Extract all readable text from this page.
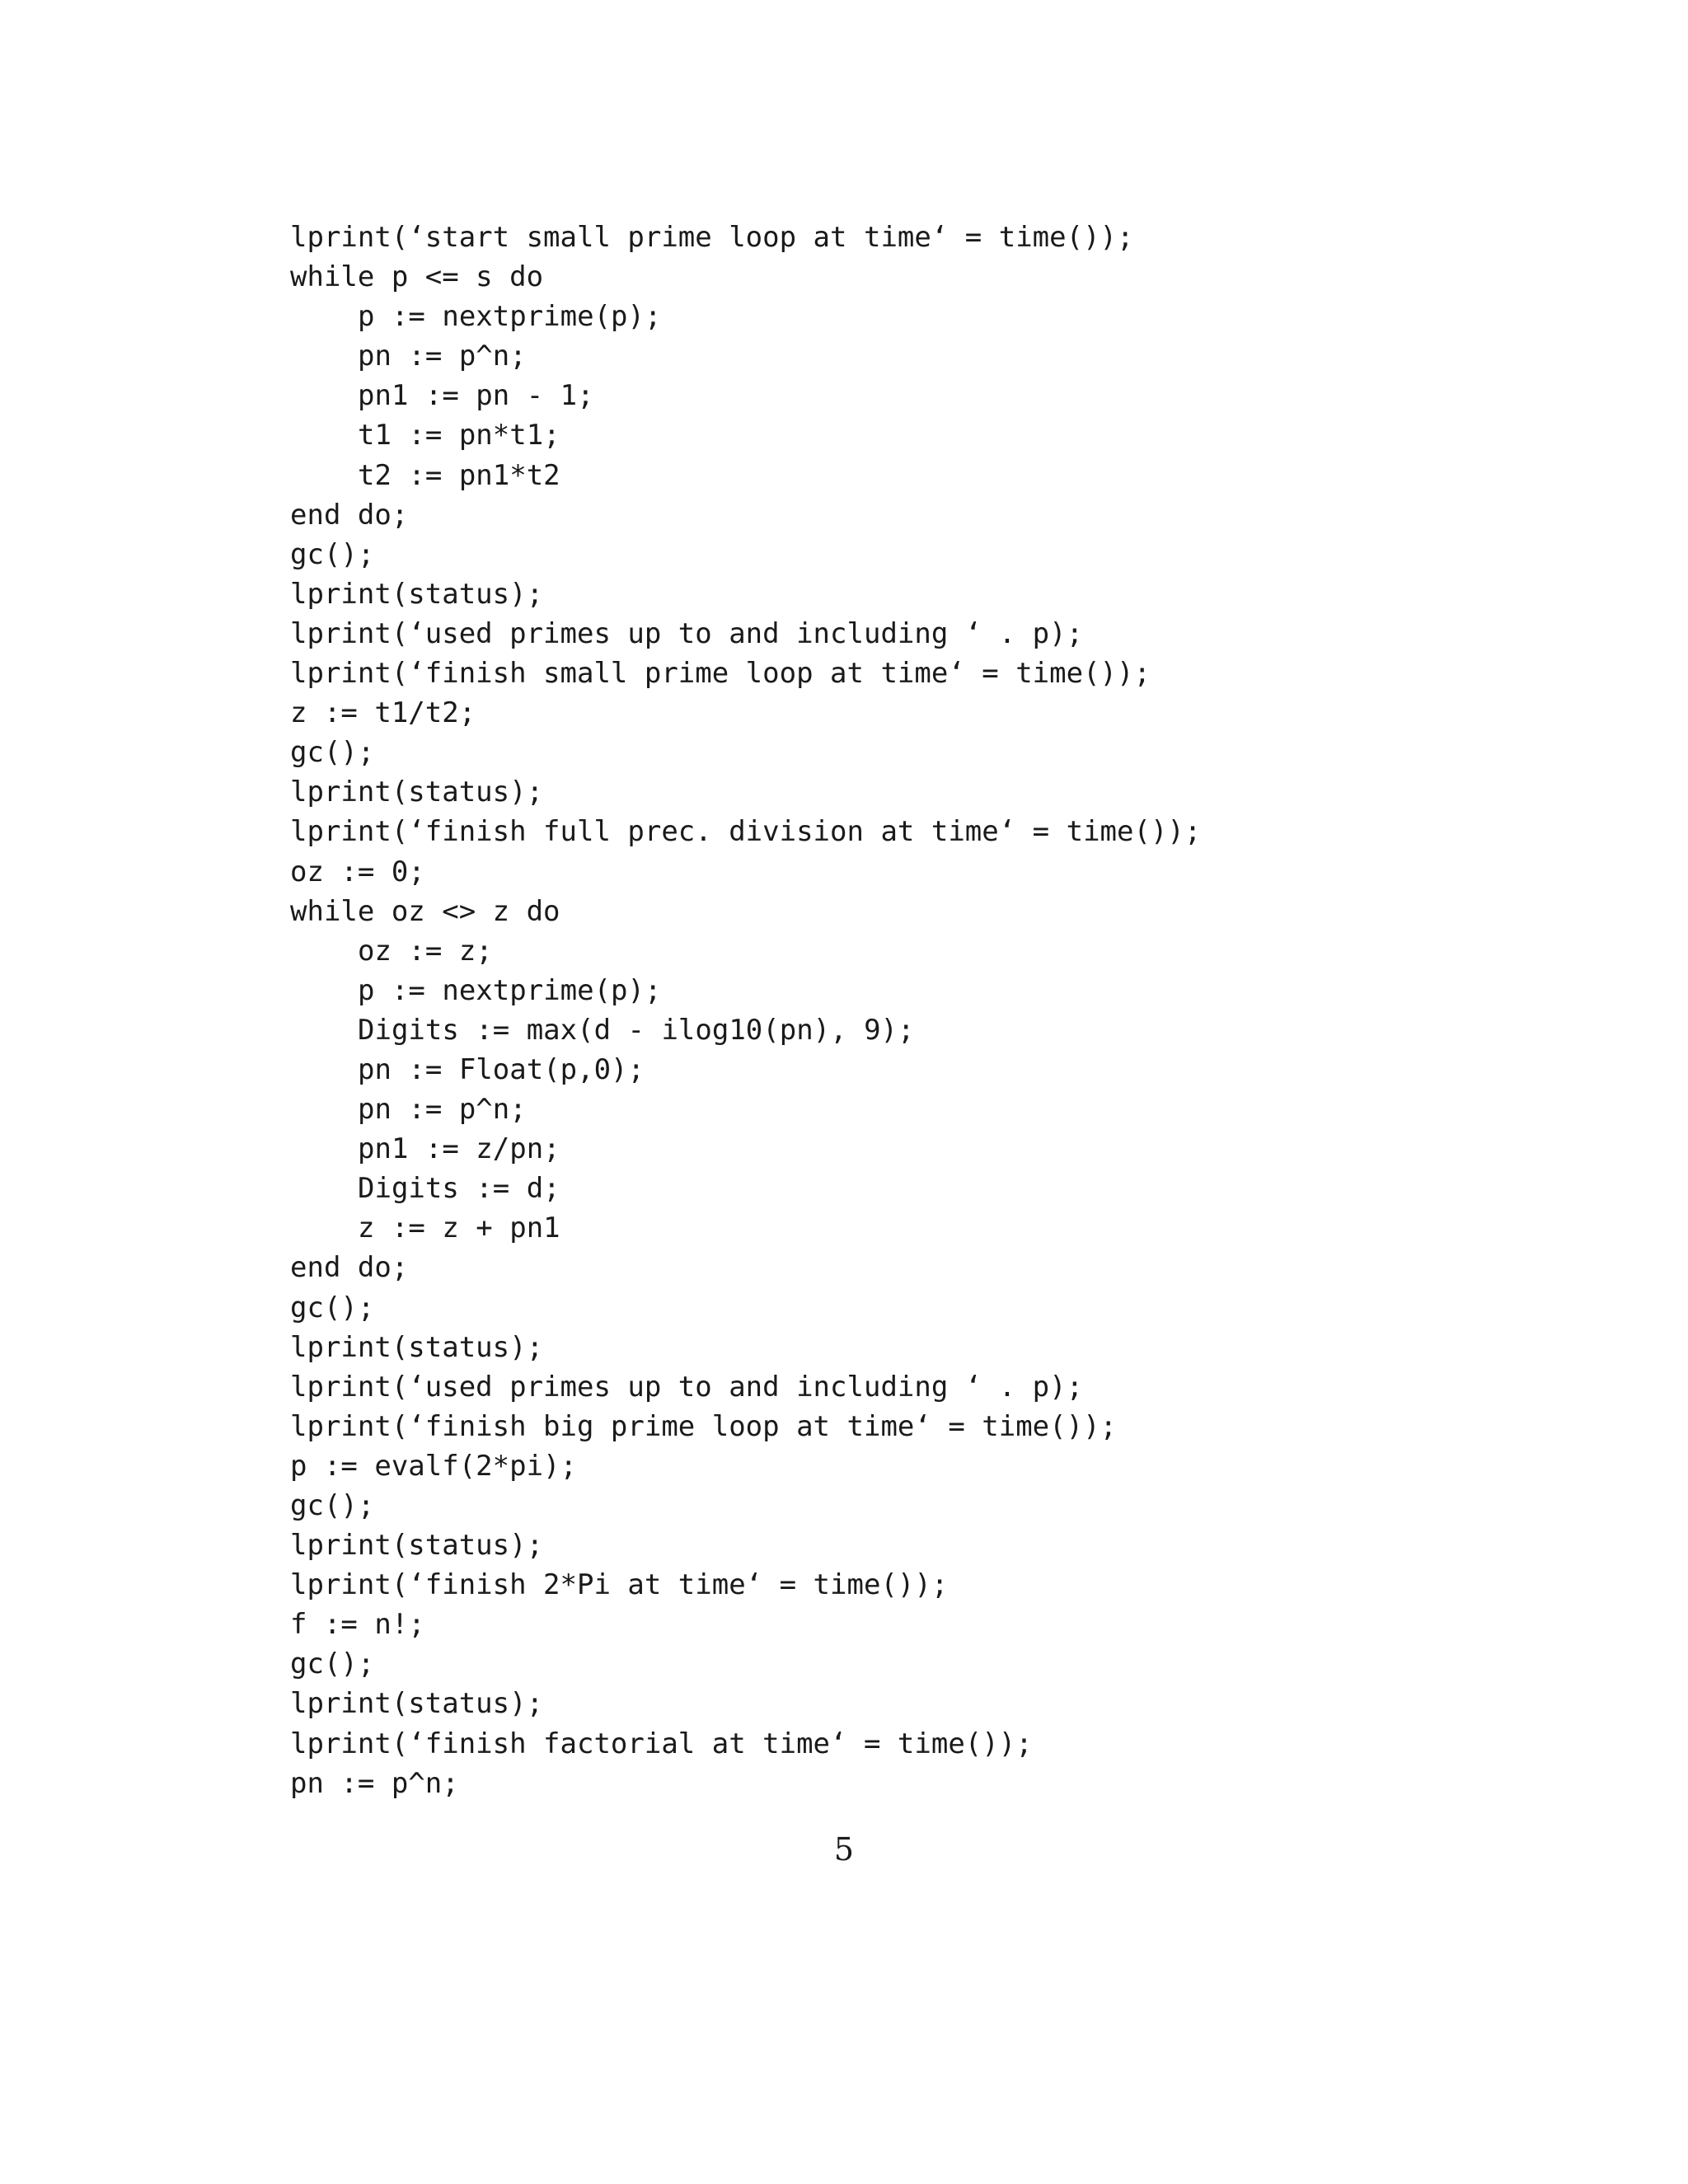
lprint(‘start small prime loop at time‘ = time());
while p <= s do
p := nextprime(p);
pn := p^n;
pn1 := pn - 1;
t1 := pn*t1;
t2 := pn1*t2
end do;
gc();
lprint(status);
lprint(‘used primes up to and including ‘ . p);
lprint(‘finish small prime loop at time‘ = time());
z := t1/t2;
gc();
lprint(status);
lprint(‘finish full prec. division at time‘ = time());
oz := 0;
while oz <> z do
oz := z;
p := nextprime(p);
Digits := max(d - ilog10(pn), 9);
pn := Float(p,0);
pn := p^n;
pn1 := z/pn;
Digits := d;
z := z + pn1
end do;
gc();
lprint(status);
lprint(‘used primes up to and including ‘ . p);
lprint(‘finish big prime loop at time‘ = time());
p := evalf(2*pi);
gc();
lprint(status);
lprint(‘finish 2*Pi at time‘ = time());
f := n!;
gc();
lprint(status);
lprint(‘finish factorial at time‘ = time());
pn := p^n;
5
